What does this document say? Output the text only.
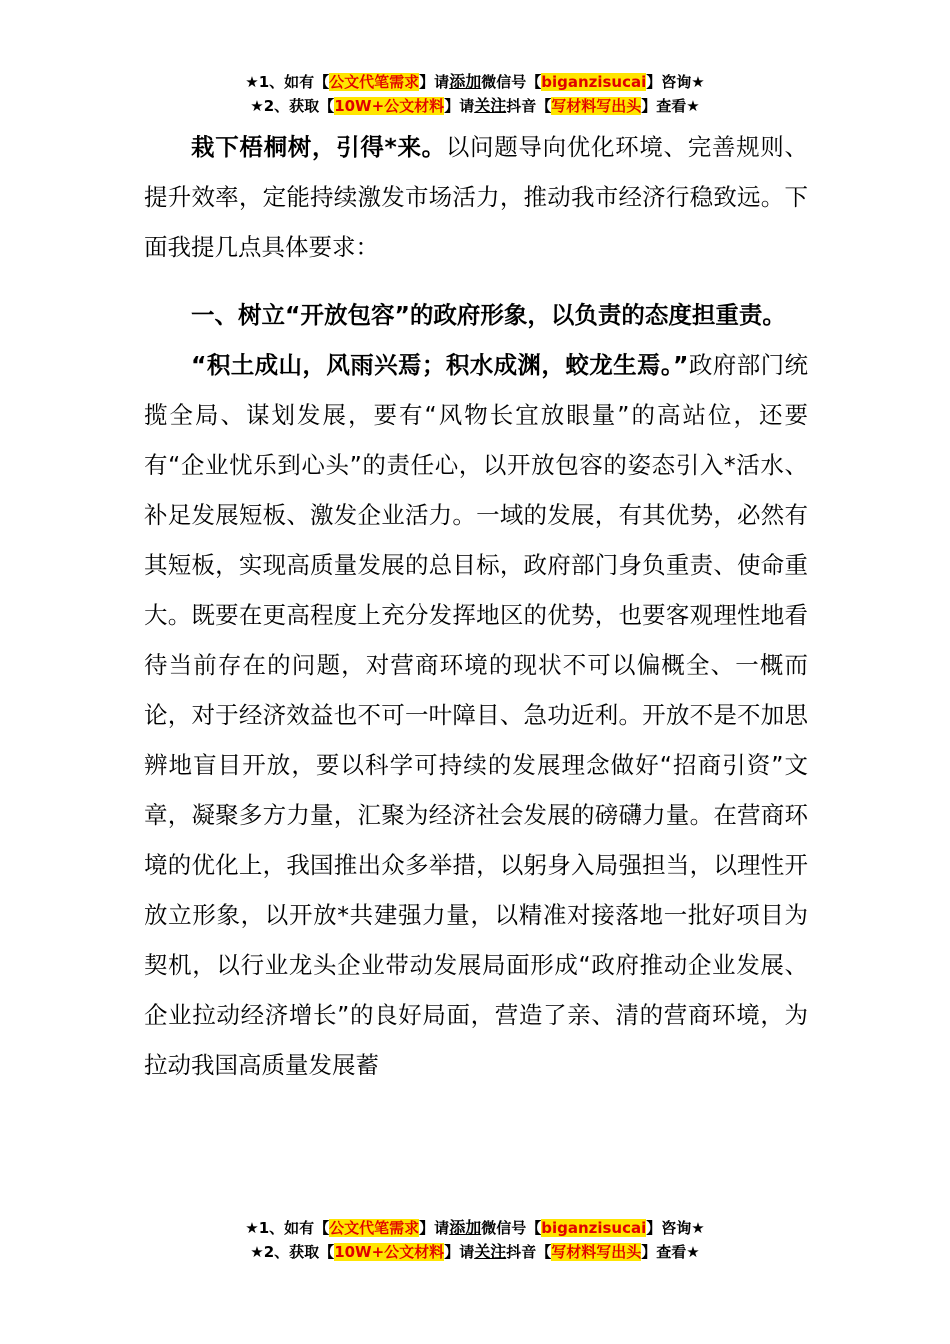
★1、如有【公文代笔需求】请添加微信号【biganzisucai】咨询★
★2、获取【10W+公文材料】请关注抖音【写材料写出头】查看★

栽下梧桐树，引得*来。以问题导向优化环境、完善规则、提升效率，定能持续激发市场活力，推动我市经济行稳致远。下面我提几点具体要求：

一、树立“开放包容”的政府形象，以负责的态度担重责。

“积土成山，风雨兴焉；积水成渊，蛟龙生焉。”政府部门统揽全局、谋划发展，要有“风物长宜放眼量”的高站位，还要有“企业忧乐到心头”的责任心，以开放包容的姿态引入*活水、补足发展短板、激发企业活力。一域的发展，有其优势，必然有其短板，实现高质量发展的总目标，政府部门身负重责、使命重大。既要在更高程度上充分发挥地区的优势，也要客观理性地看待当前存在的问题，对营商环境的现状不可以偏概全、一概而论，对于经济效益也不可一叶障目、急功近利。开放不是不加思辨地盲目开放，要以科学可持续的发展理念做好“招商引资”文章，凝聚多方力量，汇聚为经济社会发展的磅礴力量。在营商环境的优化上，我国推出众多举措，以躬身入局强担当，以理性开放立形象，以开放*共建强力量，以精准对接落地一批好项目为契机，以行业龙头企业带动发展局面形成“政府推动企业发展、企业拉动经济增长”的良好局面，营造了亲、清的营商环境，为拉动我国高质量发展蓄

★1、如有【公文代笔需求】请添加微信号【biganzisucai】咨询★
★2、获取【10W+公文材料】请关注抖音【写材料写出头】查看★
